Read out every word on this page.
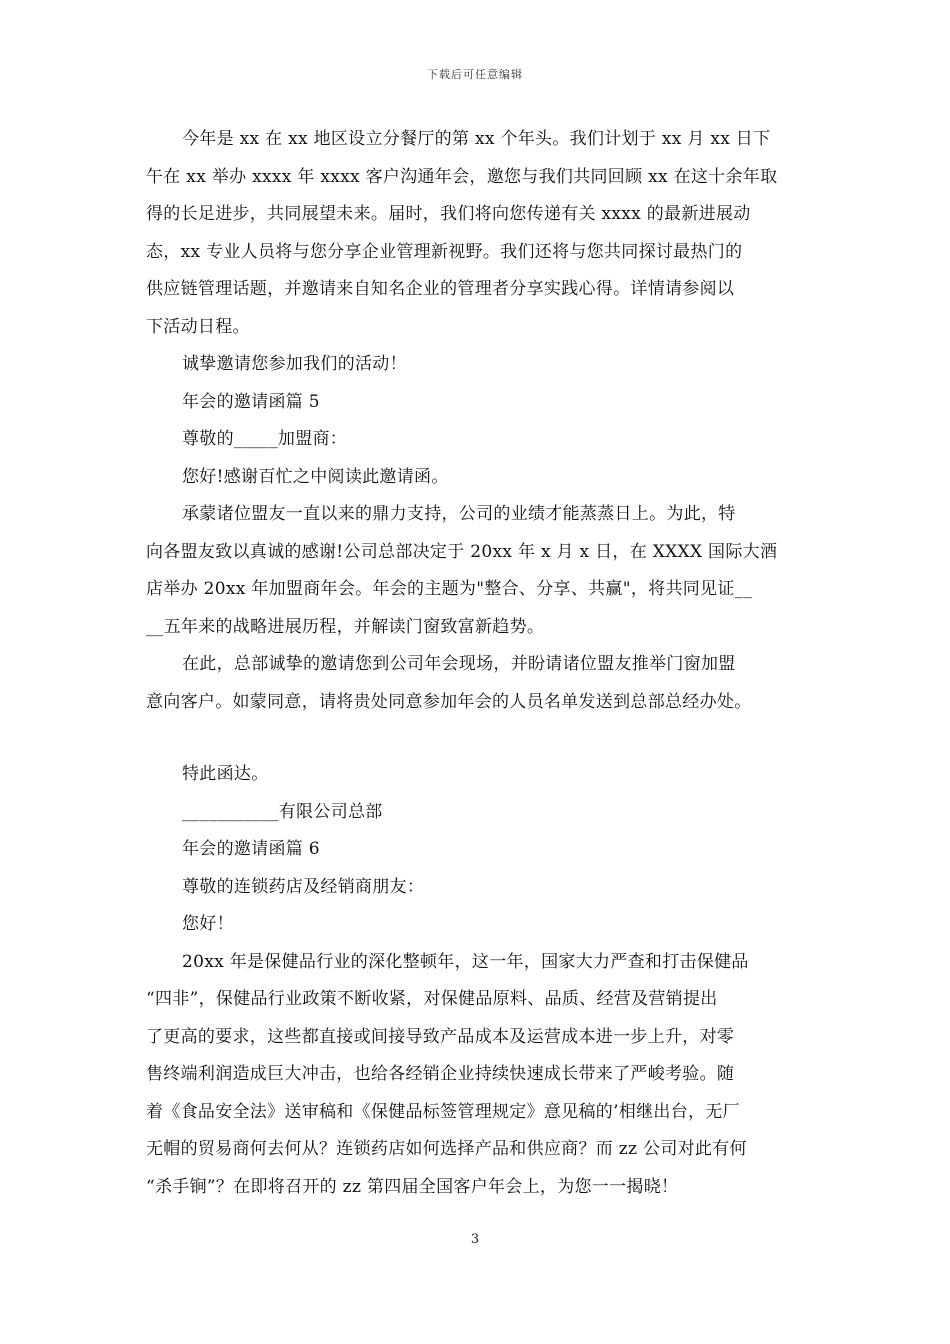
下载后可任意编辑
今年是 xx 在 xx 地区设立分餐厅的第 xx 个年头。我们计划于 xx 月 xx 日下
午在 xx 举办 xxxx 年 xxxx 客户沟通年会，邀您与我们共同回顾 xx 在这十余年取
得的长足进步，共同展望未来。届时，我们将向您传递有关 xxxx 的最新进展动
态，xx 专业人员将与您分享企业管理新视野。我们还将与您共同探讨最热门的
供应链管理话题，并邀请来自知名企业的管理者分享实践心得。详情请参阅以
下活动日程。
诚挚邀请您参加我们的活动！
年会的邀请函篇 5
尊敬的_____加盟商：
您好!感谢百忙之中阅读此邀请函。
承蒙诸位盟友一直以来的鼎力支持，公司的业绩才能蒸蒸日上。为此，特
向各盟友致以真诚的感谢!公司总部决定于 20xx 年 x 月 x 日，在 XXXX 国际大酒
店举办 20xx 年加盟商年会。年会的主题为"整合、分享、共赢"，将共同见证__
__五年来的战略进展历程，并解读门窗致富新趋势。
在此，总部诚挚的邀请您到公司年会现场，并盼请诸位盟友推举门窗加盟
意向客户。如蒙同意，请将贵处同意参加年会的人员名单发送到总部总经办处。
特此函达。
___________有限公司总部
年会的邀请函篇 6
尊敬的连锁药店及经销商朋友：
您好！
20xx 年是保健品行业的深化整顿年，这一年，国家大力严查和打击保健品
“四非”，保健品行业政策不断收紧，对保健品原料、品质、经营及营销提出
了更高的要求，这些都直接或间接导致产品成本及运营成本进一步上升，对零
售终端利润造成巨大冲击，也给各经销企业持续快速成长带来了严峻考验。随
着《食品安全法》送审稿和《保健品标签管理规定》意见稿的’相继出台，无厂
无帽的贸易商何去何从？连锁药店如何选择产品和供应商？而 zz 公司对此有何
“杀手锏”？在即将召开的 zz 第四届全国客户年会上，为您一一揭晓！
3
